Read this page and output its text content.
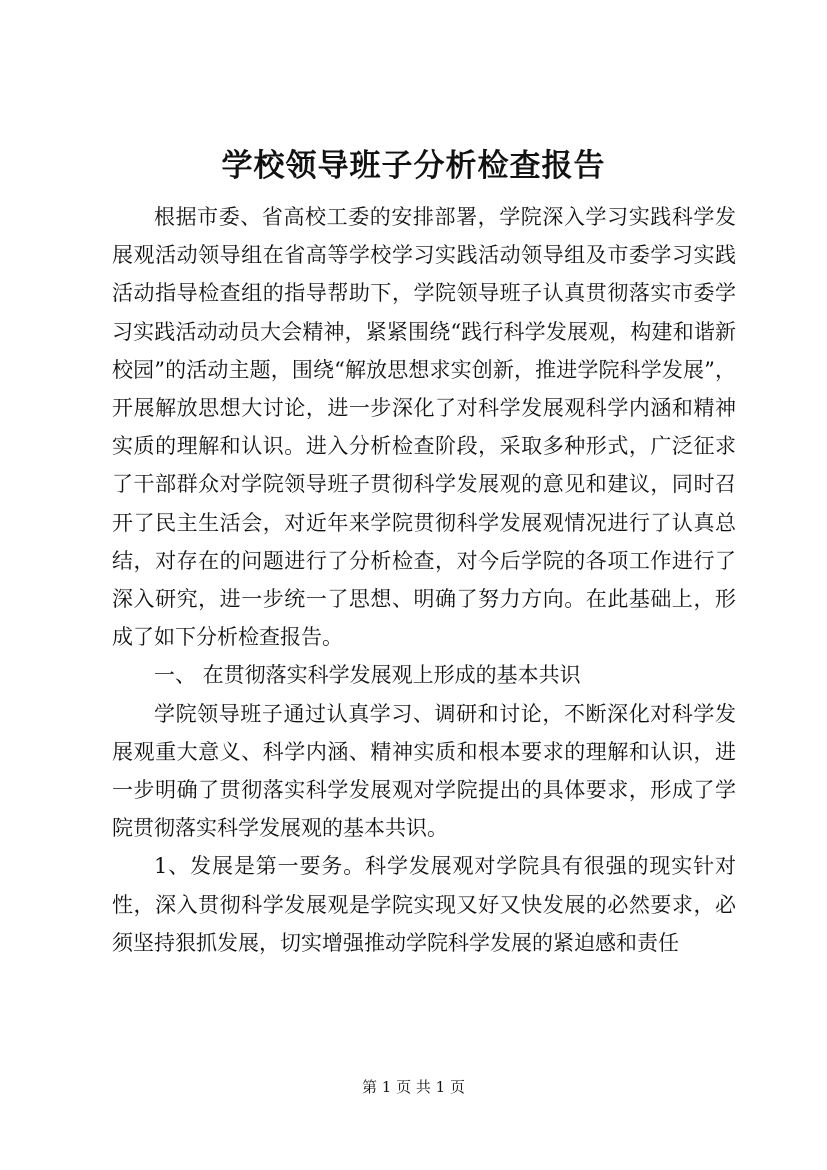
学校领导班子分析检查报告

根据市委、省高校工委的安排部署，学院深入学习实践科学发展观活动领导组在省高等学校学习实践活动领导组及市委学习实践活动指导检查组的指导帮助下，学院领导班子认真贯彻落实市委学习实践活动动员大会精神，紧紧围绕“践行科学发展观，构建和谐新校园”的活动主题，围绕“解放思想求实创新，推进学院科学发展”，开展解放思想大讨论，进一步深化了对科学发展观科学内涵和精神实质的理解和认识。进入分析检查阶段，采取多种形式，广泛征求了干部群众对学院领导班子贯彻科学发展观的意见和建议，同时召开了民主生活会，对近年来学院贯彻科学发展观情况进行了认真总结，对存在的问题进行了分析检查，对今后学院的各项工作进行了深入研究，进一步统一了思想、明确了努力方向。在此基础上，形成了如下分析检查报告。

一、 在贯彻落实科学发展观上形成的基本共识

学院领导班子通过认真学习、调研和讨论，不断深化对科学发展观重大意义、科学内涵、精神实质和根本要求的理解和认识，进一步明确了贯彻落实科学发展观对学院提出的具体要求，形成了学院贯彻落实科学发展观的基本共识。

1、发展是第一要务。科学发展观对学院具有很强的现实针对性，深入贯彻科学发展观是学院实现又好又快发展的必然要求，必须坚持狠抓发展，切实增强推动学院科学发展的紧迫感和责任

第 1 页 共 1 页
